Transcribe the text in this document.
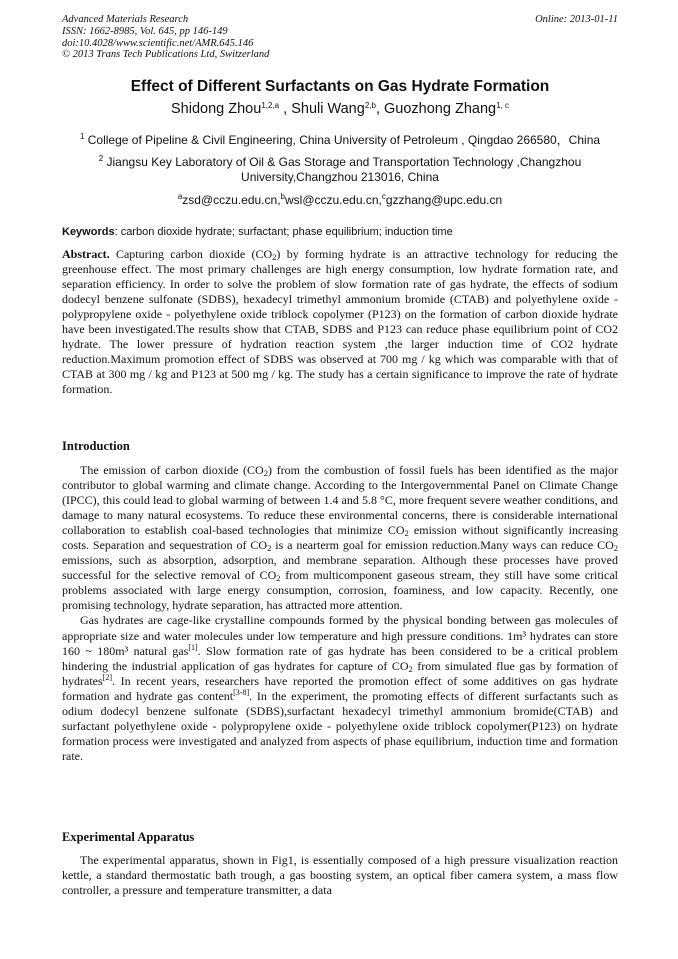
Advanced Materials Research
ISSN: 1662-8985, Vol. 645, pp 146-149
doi:10.4028/www.scientific.net/AMR.645.146
© 2013 Trans Tech Publications Ltd, Switzerland
Online: 2013-01-11
Effect of Different Surfactants on Gas Hydrate Formation
Shidong Zhou$^{1,2,a}$ , Shuli Wang$^{2,b}$, Guozhong Zhang$^{1, c}$
$^1$ College of Pipeline & Civil Engineering, China University of Petroleum , Qingdao 266580，China
$^2$ Jiangsu Key Laboratory of Oil & Gas Storage and Transportation Technology ,Changzhou University,Changzhou 213016, China
$^a$zsd@cczu.edu.cn,$^b$wsl@cczu.edu.cn,$^c$gzzhang@upc.edu.cn
Keywords: carbon dioxide hydrate; surfactant; phase equilibrium; induction time

Abstract. Capturing carbon dioxide $(CO_2)$ by forming hydrate is an attractive technology for reducing the greenhouse effect. The most primary challenges are high energy consumption, low hydrate formation rate, and separation efficiency. In order to solve the problem of slow formation rate of gas hydrate, the effects of sodium dodecyl benzene sulfonate (SDBS), hexadecyl trimethyl ammonium bromide (CTAB) and polyethylene oxide - polypropylene oxide - polyethylene oxide triblock copolymer (P123) on the formation of carbon dioxide hydrate have been investigated.The results show that CTAB, SDBS and P123 can reduce phase equilibrium point of CO2 hydrate. The lower pressure of hydration reaction system ,the larger induction time of CO2 hydrate reduction.Maximum promotion effect of SDBS was observed at 700 mg / kg which was comparable with that of CTAB at 300 mg / kg and P123 at 500 mg / kg. The study has a certain significance to improve the rate of hydrate formation.

Introduction

The emission of carbon dioxide $(CO_2)$ from the combustion of fossil fuels has been identified as the major contributor to global warming and climate change. According to the Intergovernmental Panel on Climate Change (IPCC), this could lead to global warming of between 1.4 and 5.8 °C, more frequent severe weather conditions, and damage to many natural ecosystems. To reduce these environmental concerns, there is considerable international collaboration to establish coal-based technologies that minimize $CO_2$ emission without significantly increasing costs. Separation and sequestration of $CO_2$ is a nearterm goal for emission reduction.Many ways can reduce $CO_2$ emissions, such as absorption, adsorption, and membrane separation. Although these processes have proved successful for the selective removal of $CO_2$ from multicomponent gaseous stream, they still have some critical problems associated with large energy consumption, corrosion, foaminess, and low capacity. Recently, one promising technology, hydrate separation, has attracted more attention.

Gas hydrates are cage-like crystalline compounds formed by the physical bonding between gas molecules of appropriate size and water molecules under low temperature and high pressure conditions. 1m³ hydrates can store 160 ~ 180m³ natural gas[1]. Slow formation rate of gas hydrate has been considered to be a critical problem hindering the industrial application of gas hydrates for capture of $CO_2$ from simulated flue gas by formation of hydrates[2]. In recent years, researchers have reported the promotion effect of some additives on gas hydrate formation and hydrate gas content[3-8]. In the experiment, the promoting effects of different surfactants such as odium dodecyl benzene sulfonate (SDBS),surfactant hexadecyl trimethyl ammonium bromide(CTAB) and surfactant polyethylene oxide - polypropylene oxide - polyethylene oxide triblock copolymer(P123) on hydrate formation process were investigated and analyzed from aspects of phase equilibrium, induction time and formation rate.

Experimental Apparatus

The experimental apparatus, shown in Fig1, is essentially composed of a high pressure visualization reaction kettle, a standard thermostatic bath trough, a gas boosting system, an optical fiber camera system, a mass flow controller, a pressure and temperature transmitter, a data
